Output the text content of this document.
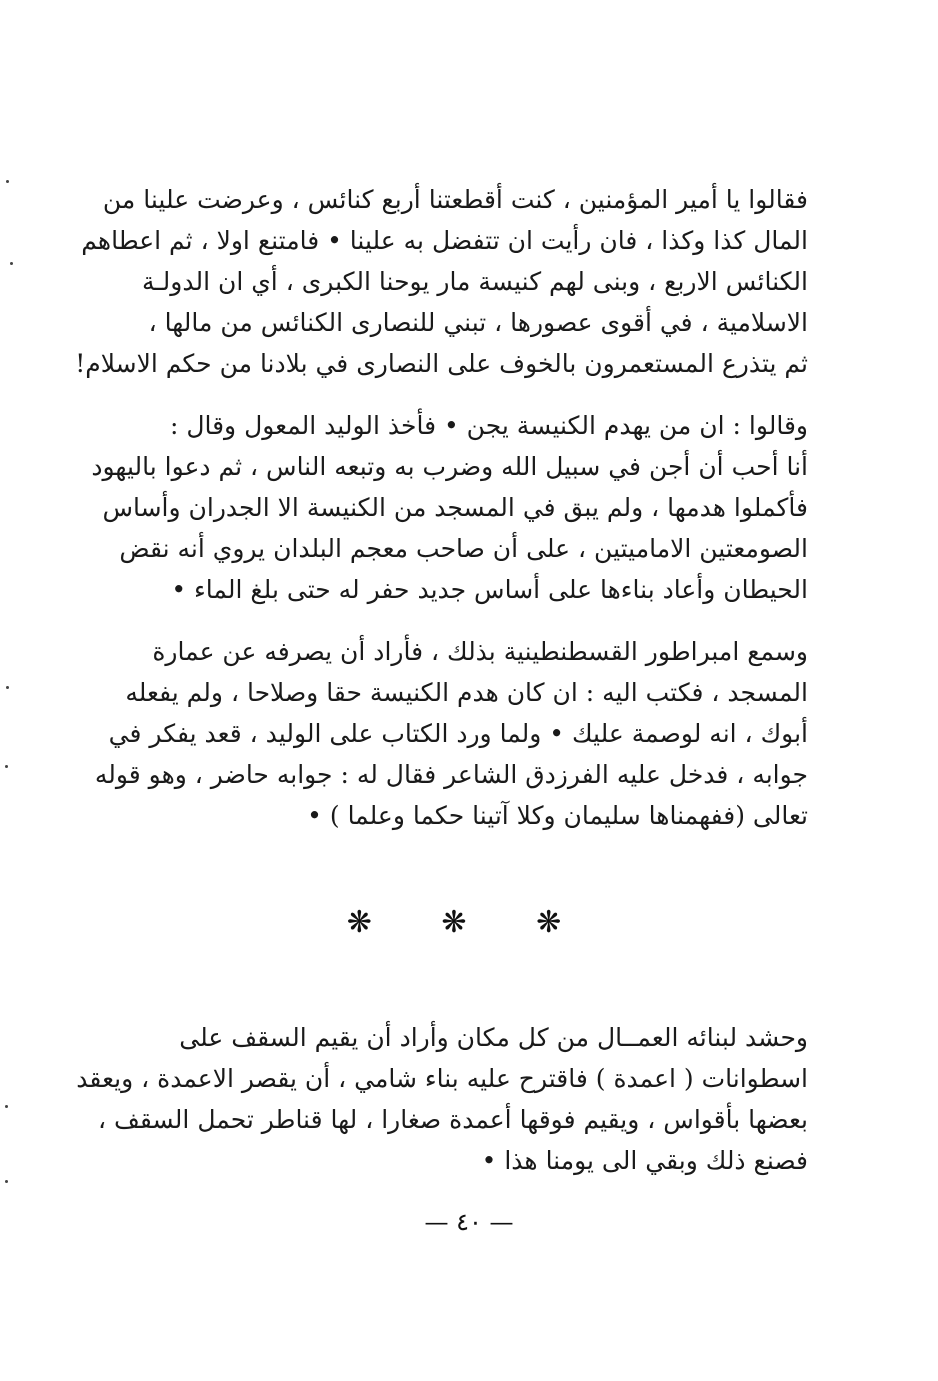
فقالوا يا أمير المؤمنين ، كنت أقطعتنا أربع كنائس ، وعرضت علينا من
المال كذا وكذا ، فان رأيت ان تتفضل به علينا • فامتنع اولا ، ثم اعطاهم
الكنائس الاربع ، وبنى لهم كنيسة مار يوحنا الكبرى ، أي ان الدولـة
الاسلامية ، في أقوى عصورها ، تبني للنصارى الكنائس من مالها ،
ثم يتذرع المستعمرون بالخوف على النصارى في بلادنا من حكم الاسلام!

وقالوا : ان من يهدم الكنيسة يجن • فأخذ الوليد المعول وقال :
أنا أحب أن أجن في سبيل الله وضرب به وتبعه الناس ، ثم دعوا باليهود
فأكملوا هدمها ، ولم يبق في المسجد من الكنيسة الا الجدران وأساس
الصومعتين الاماميتين ، على أن صاحب معجم البلدان يروي أنه نقض
الحيطان وأعاد بناءها على أساس جديد حفر له حتى بلغ الماء •

وسمع امبراطور القسطنطينية بذلك ، فأراد أن يصرفه عن عمارة
المسجد ، فكتب اليه : ان كان هدم الكنيسة حقا وصلاحا ، ولم يفعله
أبوك ، انه لوصمة عليك • ولما ورد الكتاب على الوليد ، قعد يفكر في
جوابه ، فدخل عليه الفرزدق الشاعر فقال له : جوابه حاضر ، وهو قوله
تعالى (ففهمناها سليمان وكلا آتينا حكما وعلما ) •

❋ ❋ ❋

وحشد لبنائه العمــال من كل مكان وأراد أن يقيم السقف على
اسطوانات ( اعمدة ) فاقترح عليه بناء شامي ، أن يقصر الاعمدة ، ويعقد
بعضها بأقواس ، ويقيم فوقها أعمدة صغارا ، لها قناطر تحمل السقف ،
فصنع ذلك وبقي الى يومنا هذا •

— ٤٠ —
